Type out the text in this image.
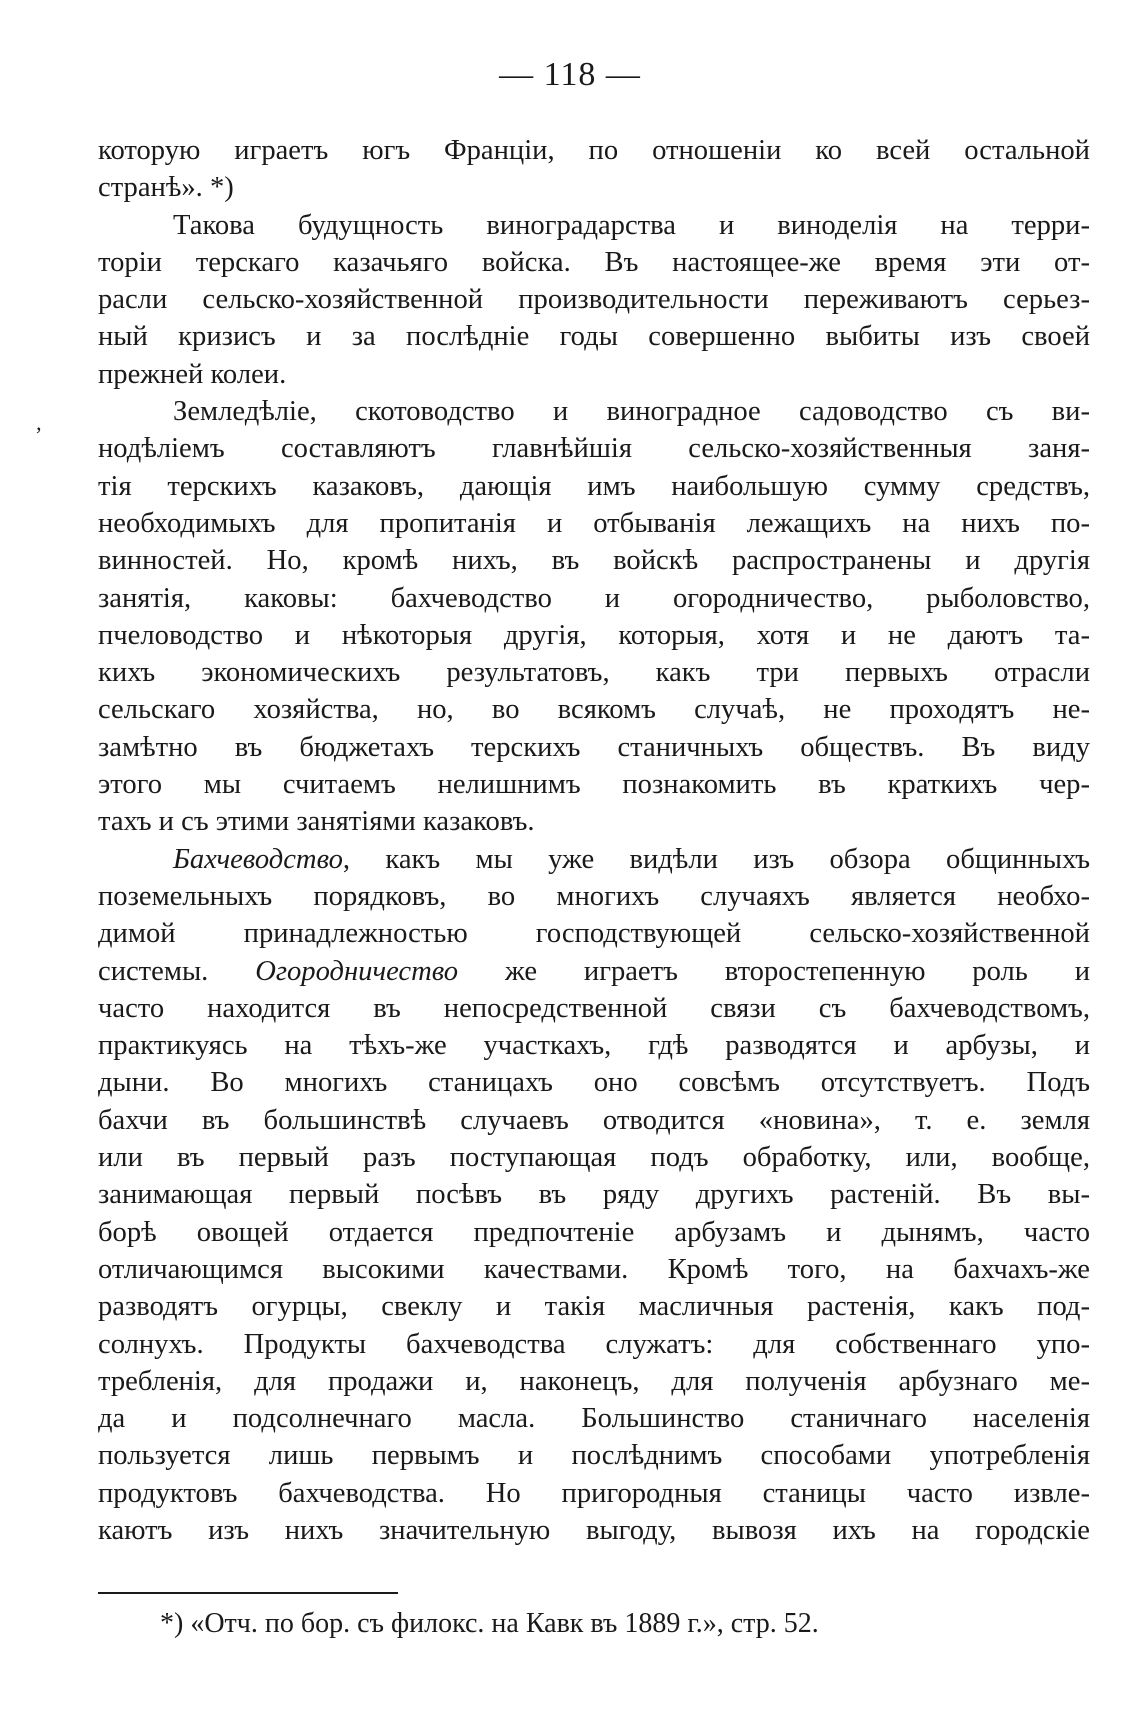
— 118 —
‚
которую играетъ югъ Франціи, по отношеніи ко всей остальной
странѣ». *)
Такова будущность виноградарства и виноделія на терри-
торіи терскаго казачьяго войска. Въ настоящее-же время эти от-
расли сельско-хозяйственной производительности переживаютъ серьез-
ный кризисъ и за послѣдніе годы совершенно выбиты изъ своей
прежней колеи.
Земледѣліе, скотоводство и виноградное садоводство съ ви-
нодѣліемъ составляютъ главнѣйшія сельско-хозяйственныя заня-
тія терскихъ казаковъ, дающія имъ наибольшую сумму средствъ,
необходимыхъ для пропитанія и отбыванія лежащихъ на нихъ по-
винностей. Но, кромѣ нихъ, въ войскѣ распространены и другія
занятія, каковы: бахчеводство и огородничество, рыболовство,
пчеловодство и нѣкоторыя другія, которыя, хотя и не даютъ та-
кихъ экономическихъ результатовъ, какъ три первыхъ отрасли
сельскаго хозяйства, но, во всякомъ случаѣ, не проходятъ не-
замѣтно въ бюджетахъ терскихъ станичныхъ обществъ. Въ виду
этого мы считаемъ нелишнимъ познакомить въ краткихъ чер-
тахъ и съ этими занятіями казаковъ.
Бахчеводство, какъ мы уже видѣли изъ обзора общинныхъ
поземельныхъ порядковъ, во многихъ случаяхъ является необхо-
димой принадлежностью господствующей сельско-хозяйственной
системы. Огородничество же играетъ второстепенную роль и
часто находится въ непосредственной связи съ бахчеводствомъ,
практикуясь на тѣхъ-же участкахъ, гдѣ разводятся и арбузы, и
дыни. Во многихъ станицахъ оно совсѣмъ отсутствуетъ. Подъ
бахчи въ большинствѣ случаевъ отводится «новина», т. е. земля
или въ первый разъ поступающая подъ обработку, или, вообще,
занимающая первый посѣвъ въ ряду другихъ растеній. Въ вы-
борѣ овощей отдается предпочтеніе арбузамъ и дынямъ, часто
отличающимся высокими качествами. Кромѣ того, на бахчахъ-же
разводятъ огурцы, свеклу и такія масличныя растенія, какъ под-
солнухъ. Продукты бахчеводства служатъ: для собственнаго упо-
требленія, для продажи и, наконецъ, для полученія арбузнаго ме-
да и подсолнечнаго масла. Большинство станичнаго населенія
пользуется лишь первымъ и послѣднимъ способами употребленія
продуктовъ бахчеводства. Но пригородныя станицы часто извле-
каютъ изъ нихъ значительную выгоду, вывозя ихъ на городскіе
*) «Отч. по бор. съ филокс. на Кавк въ 1889 г.», стр. 52.
